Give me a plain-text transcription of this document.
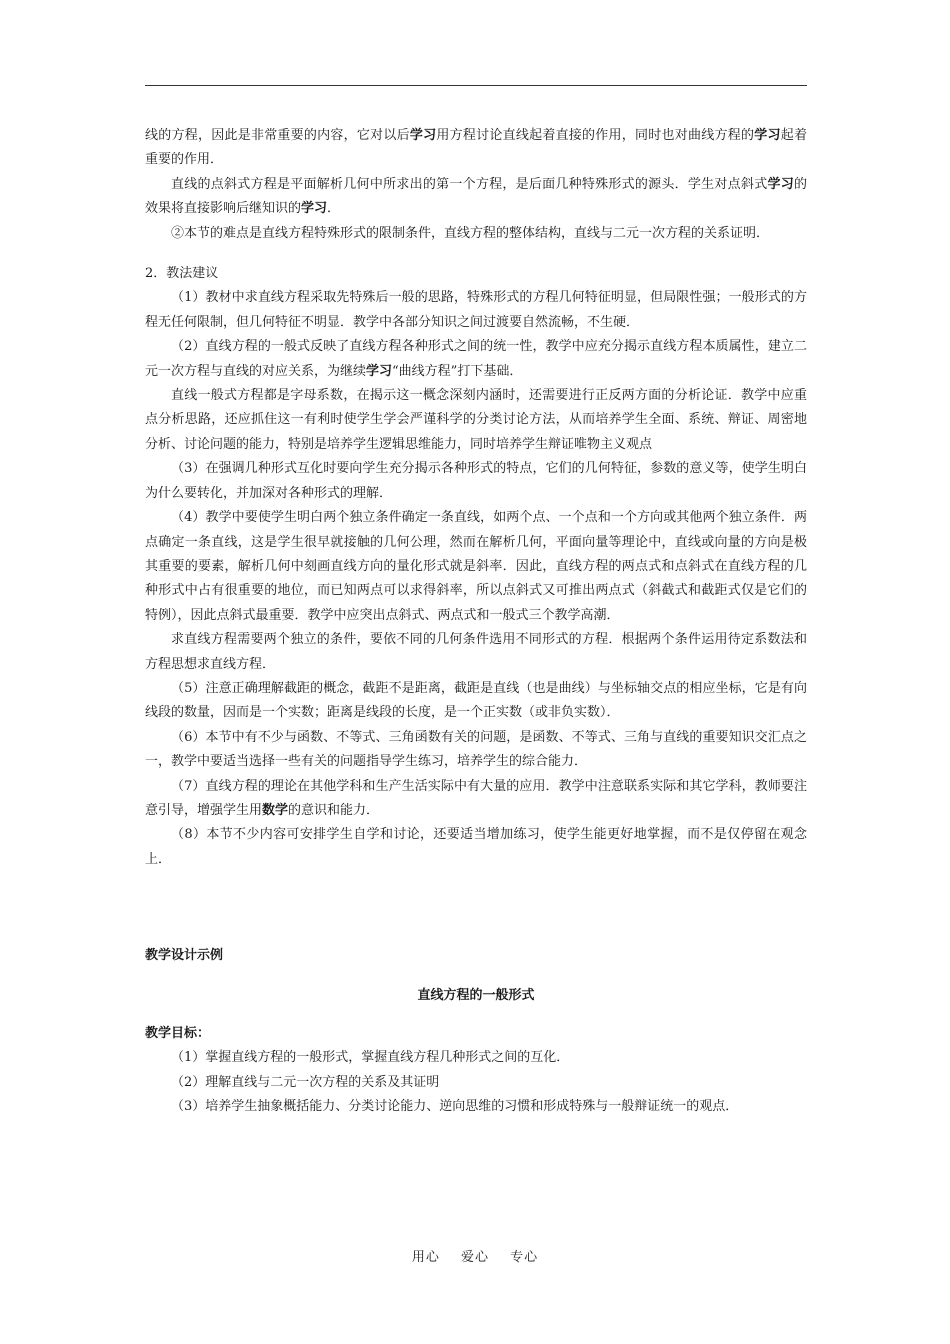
线的方程，因此是非常重要的内容，它对以后学习用方程讨论直线起着直接的作用，同时也对曲线方程的学习起着重要的作用．

直线的点斜式方程是平面解析几何中所求出的第一个方程，是后面几种特殊形式的源头．学生对点斜式学习的效果将直接影响后继知识的学习．

②本节的难点是直线方程特殊形式的限制条件，直线方程的整体结构，直线与二元一次方程的关系证明．

2．教法建议

（1）教材中求直线方程采取先特殊后一般的思路，特殊形式的方程几何特征明显，但局限性强；一般形式的方程无任何限制，但几何特征不明显．教学中各部分知识之间过渡要自然流畅，不生硬．

（2）直线方程的一般式反映了直线方程各种形式之间的统一性，教学中应充分揭示直线方程本质属性，建立二元一次方程与直线的对应关系，为继续学习“曲线方程”打下基础．

直线一般式方程都是字母系数，在揭示这一概念深刻内涵时，还需要进行正反两方面的分析论证．教学中应重点分析思路，还应抓住这一有利时使学生学会严谨科学的分类讨论方法，从而培养学生全面、系统、辩证、周密地分析、讨论问题的能力，特别是培养学生逻辑思维能力，同时培养学生辩证唯物主义观点

（3）在强调几种形式互化时要向学生充分揭示各种形式的特点，它们的几何特征，参数的意义等，使学生明白为什么要转化，并加深对各种形式的理解．

（4）教学中要使学生明白两个独立条件确定一条直线，如两个点、一个点和一个方向或其他两个独立条件．两点确定一条直线，这是学生很早就接触的几何公理，然而在解析几何，平面向量等理论中，直线或向量的方向是极其重要的要素，解析几何中刻画直线方向的量化形式就是斜率．因此，直线方程的两点式和点斜式在直线方程的几种形式中占有很重要的地位，而已知两点可以求得斜率，所以点斜式又可推出两点式（斜截式和截距式仅是它们的特例），因此点斜式最重要．教学中应突出点斜式、两点式和一般式三个教学高潮．

求直线方程需要两个独立的条件，要依不同的几何条件选用不同形式的方程．根据两个条件运用待定系数法和方程思想求直线方程．

（5）注意正确理解截距的概念，截距不是距离，截距是直线（也是曲线）与坐标轴交点的相应坐标，它是有向线段的数量，因而是一个实数；距离是线段的长度，是一个正实数（或非负实数）．

（6）本节中有不少与函数、不等式、三角函数有关的问题，是函数、不等式、三角与直线的重要知识交汇点之一，教学中要适当选择一些有关的问题指导学生练习，培养学生的综合能力．

（7）直线方程的理论在其他学科和生产生活实际中有大量的应用．教学中注意联系实际和其它学科，教师要注意引导，增强学生用数学的意识和能力．

（8）本节不少内容可安排学生自学和讨论，还要适当增加练习，使学生能更好地掌握，而不是仅停留在观念上．

教学设计示例

直线方程的一般形式

教学目标：

（1）掌握直线方程的一般形式，掌握直线方程几种形式之间的互化．

（2）理解直线与二元一次方程的关系及其证明

（3）培养学生抽象概括能力、分类讨论能力、逆向思维的习惯和形成特殊与一般辩证统一的观点．

用心 爱心 专心
